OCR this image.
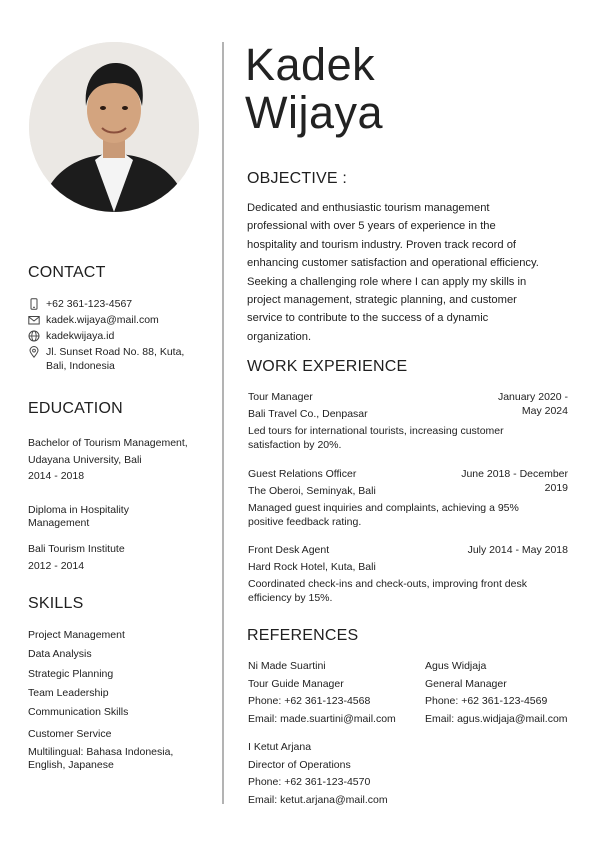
CONTACT
+62 361-123-4567
kadek.wijaya@mail.com
kadekwijaya.id
Jl. Sunset Road No. 88, Kuta,
Bali, Indonesia
EDUCATION
Bachelor of Tourism Management,
Udayana University, Bali
2014 - 2018
Diploma in Hospitality
Management
Bali Tourism Institute
2012 - 2014
SKILLS
Project Management
Data Analysis
Strategic Planning
Team Leadership
Communication Skills
Customer Service
Multilingual: Bahasa Indonesia,
English, Japanese
Kadek
Wijaya
OBJECTIVE :
Dedicated and enthusiastic tourism management
professional with over 5 years of experience in the
hospitality and tourism industry. Proven track record of
enhancing customer satisfaction and operational efficiency.
Seeking a challenging role where I can apply my skills in
project management, strategic planning, and customer
service to contribute to the success of a dynamic
organization.
WORK EXPERIENCE
Tour Manager	January 2020 -
May 2024
Bali Travel Co., Denpasar
Led tours for international tourists, increasing customer
satisfaction by 20%.
Guest Relations Officer	June 2018 - December
2019
The Oberoi, Seminyak, Bali
Managed guest inquiries and complaints, achieving a 95%
positive feedback rating.
Front Desk Agent	July 2014 - May 2018
Hard Rock Hotel, Kuta, Bali
Coordinated check-ins and check-outs, improving front desk
efficiency by 15%.
REFERENCES
Ni Made Suartini
Tour Guide Manager
Phone: +62 361-123-4568
Email: made.suartini@mail.com
Agus Widjaja
General Manager
Phone: +62 361-123-4569
Email: agus.widjaja@mail.com
I Ketut Arjana
Director of Operations
Phone: +62 361-123-4570
Email: ketut.arjana@mail.com
